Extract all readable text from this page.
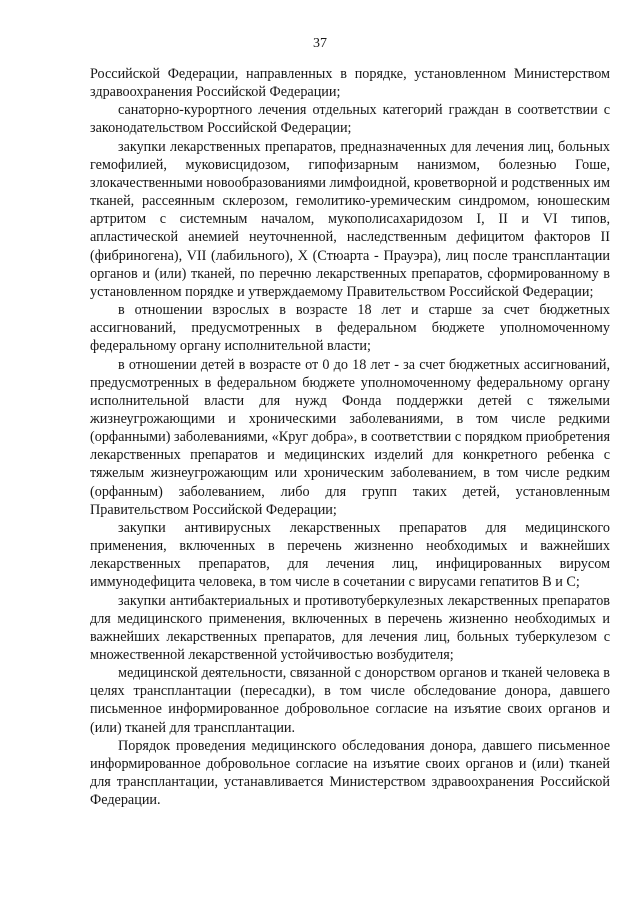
37

Российской Федерации, направленных в порядке, установленном Министерством здравоохранения Российской Федерации;

санаторно-курортного лечения отдельных категорий граждан в соответствии с законодательством Российской Федерации;

закупки лекарственных препаратов, предназначенных для лечения лиц, больных гемофилией, муковисцидозом, гипофизарным нанизмом, болезнью Гоше, злокачественными новообразованиями лимфоидной, кроветворной и родственных им тканей, рассеянным склерозом, гемолитико-уремическим синдромом, юношеским артритом с системным началом, мукополисахаридозом I, II и VI типов, апластической анемией неуточненной, наследственным дефицитом факторов II (фибриногена), VII (лабильного), X (Стюарта - Прауэра), лиц после трансплантации органов и (или) тканей, по перечню лекарственных препаратов, сформированному в установленном порядке и утверждаемому Правительством Российской Федерации;

в отношении взрослых в возрасте 18 лет и старше за счет бюджетных ассигнований, предусмотренных в федеральном бюджете уполномоченному федеральному органу исполнительной власти;

в отношении детей в возрасте от 0 до 18 лет - за счет бюджетных ассигнований, предусмотренных в федеральном бюджете уполномоченному федеральному органу исполнительной власти для нужд Фонда поддержки детей с тяжелыми жизнеугрожающими и хроническими заболеваниями, в том числе редкими (орфанными) заболеваниями, «Круг добра», в соответствии с порядком приобретения лекарственных препаратов и медицинских изделий для конкретного ребенка с тяжелым жизнеугрожающим или хроническим заболеванием, в том числе редким (орфанным) заболеванием, либо для групп таких детей, установленным Правительством Российской Федерации;

закупки антивирусных лекарственных препаратов для медицинского применения, включенных в перечень жизненно необходимых и важнейших лекарственных препаратов, для лечения лиц, инфицированных вирусом иммунодефицита человека, в том числе в сочетании с вирусами гепатитов B и C;

закупки антибактериальных и противотуберкулезных лекарственных препаратов для медицинского применения, включенных в перечень жизненно необходимых и важнейших лекарственных препаратов, для лечения лиц, больных туберкулезом с множественной лекарственной устойчивостью возбудителя;

медицинской деятельности, связанной с донорством органов и тканей человека в целях трансплантации (пересадки), в том числе обследование донора, давшего письменное информированное добровольное согласие на изъятие своих органов и (или) тканей для трансплантации.

Порядок проведения медицинского обследования донора, давшего письменное информированное добровольное согласие на изъятие своих органов и (или) тканей для трансплантации, устанавливается Министерством здравоохранения Российской Федерации.
